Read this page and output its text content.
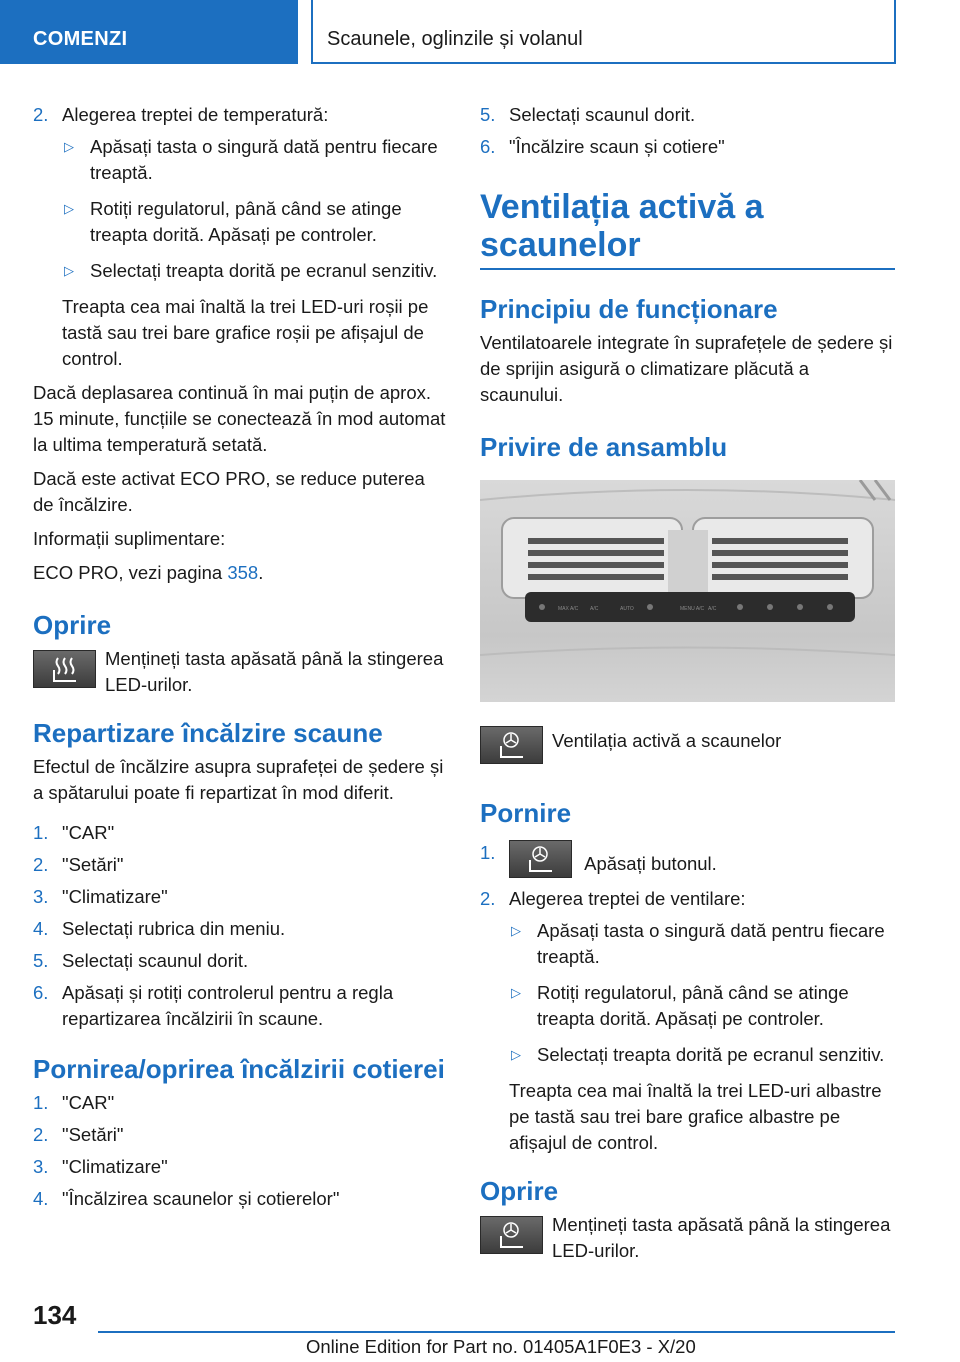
COMENZI	Scaunele, oglinzile și volanul
2. Alegerea treptei de temperatură:
▷ Apăsați tasta o singură dată pentru fiecare treaptă.
▷ Rotiți regulatorul, până când se atinge treapta dorită. Apăsați pe controler.
▷ Selectați treapta dorită pe ecranul senzitiv.
Treapta cea mai înaltă la trei LED-uri roșii pe tastă sau trei bare grafice roșii pe afișajul de control.
Dacă deplasarea continuă în mai puțin de aprox. 15 minute, funcțiile se conectează în mod automat la ultima temperatură setată.
Dacă este activat ECO PRO, se reduce puterea de încălzire.
Informații suplimentare:
ECO PRO, vezi pagina 358.
Oprire
Mențineți tasta apăsată până la stingerea LED-urilor.
Repartizare încălzire scaune
Efectul de încălzire asupra suprafeței de ședere și a spătarului poate fi repartizat în mod diferit.
1. "CAR"
2. "Setări"
3. "Climatizare"
4. Selectați rubrica din meniu.
5. Selectați scaunul dorit.
6. Apăsați și rotiți controlerul pentru a regla repartizarea încălzirii în scaune.
Pornirea/oprirea încălzirii cotierei
1. "CAR"
2. "Setări"
3. "Climatizare"
4. "Încălzirea scaunelor și cotierelor"
5. Selectați scaunul dorit.
6. "Încălzire scaun și cotiere"
Ventilația activă a scaunelor
Principiu de funcționare
Ventilatoarele integrate în suprafețele de ședere și de sprijin asigură o climatizare plăcută a scaunului.
Privire de ansamblu
MAX A/C A/C	AUTO	MENU A/C A/C
Ventilația activă a scaunelor
Pornire
1.
Apăsați butonul.
2. Alegerea treptei de ventilare:
▷ Apăsați tasta o singură dată pentru fiecare treaptă.
▷ Rotiți regulatorul, până când se atinge treapta dorită. Apăsați pe controler.
▷ Selectați treapta dorită pe ecranul senzitiv.
Treapta cea mai înaltă la trei LED-uri albastre pe tastă sau trei bare grafice albastre pe afișajul de control.
Oprire
Mențineți tasta apăsată până la stingerea LED-urilor.
134
Online Edition for Part no. 01405A1F0E3 - X/20
